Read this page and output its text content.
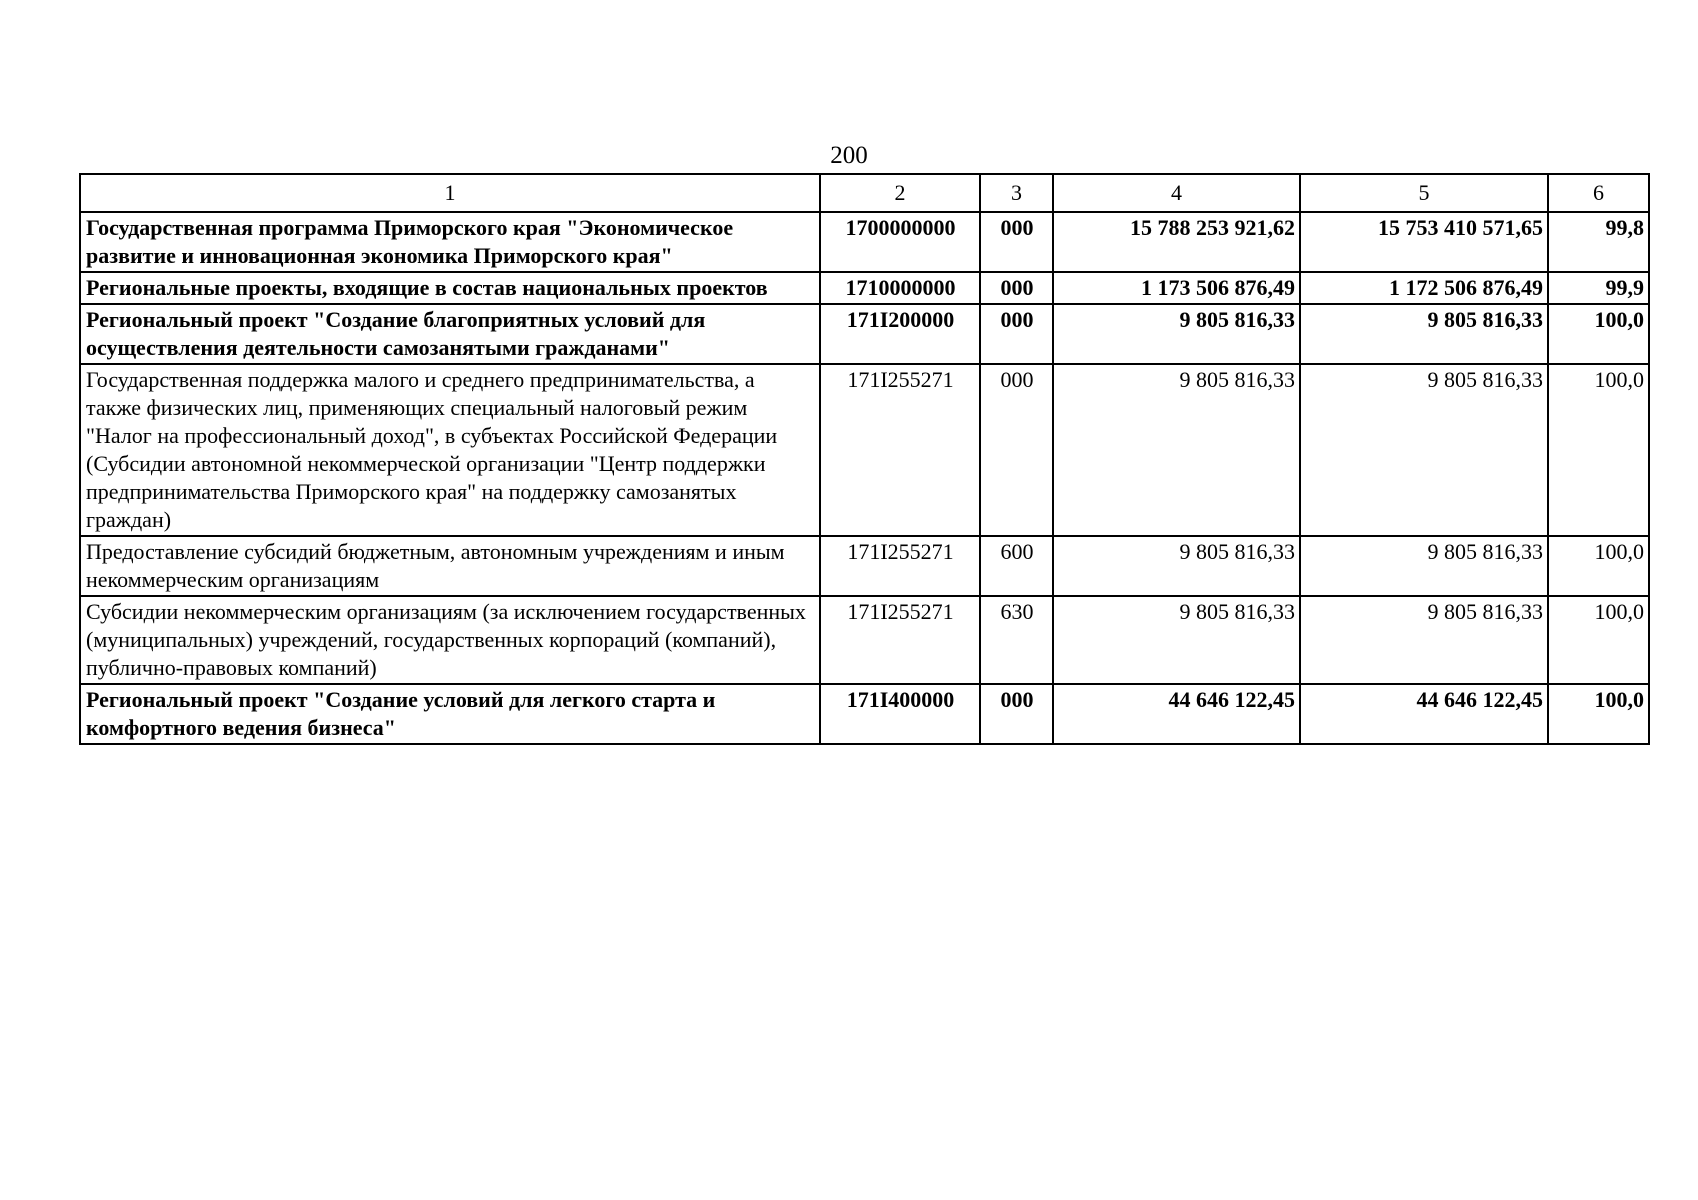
200
1	2	3	4	5	6
Государственная программа Приморского края "Экономическое развитие и инновационная экономика Приморского края"	1700000000	000	15 788 253 921,62	15 753 410 571,65	99,8
Региональные проекты, входящие в состав национальных проектов	1710000000	000	1 173 506 876,49	1 172 506 876,49	99,9
Региональный проект "Создание благоприятных условий для осуществления деятельности самозанятыми гражданами"	171I200000	000	9 805 816,33	9 805 816,33	100,0
Государственная поддержка малого и среднего предпринимательства, а также физических лиц, применяющих специальный налоговый режим "Налог на профессиональный доход", в субъектах Российской Федерации (Субсидии автономной некоммерческой организации "Центр поддержки предпринимательства Приморского края" на поддержку самозанятых граждан)	171I255271	000	9 805 816,33	9 805 816,33	100,0
Предоставление субсидий бюджетным, автономным учреждениям и иным некоммерческим организациям	171I255271	600	9 805 816,33	9 805 816,33	100,0
Субсидии некоммерческим организациям (за исключением государственных (муниципальных) учреждений, государственных корпораций (компаний), публично-правовых компаний)	171I255271	630	9 805 816,33	9 805 816,33	100,0
Региональный проект "Создание условий для легкого старта и комфортного ведения бизнеса"	171I400000	000	44 646 122,45	44 646 122,45	100,0
